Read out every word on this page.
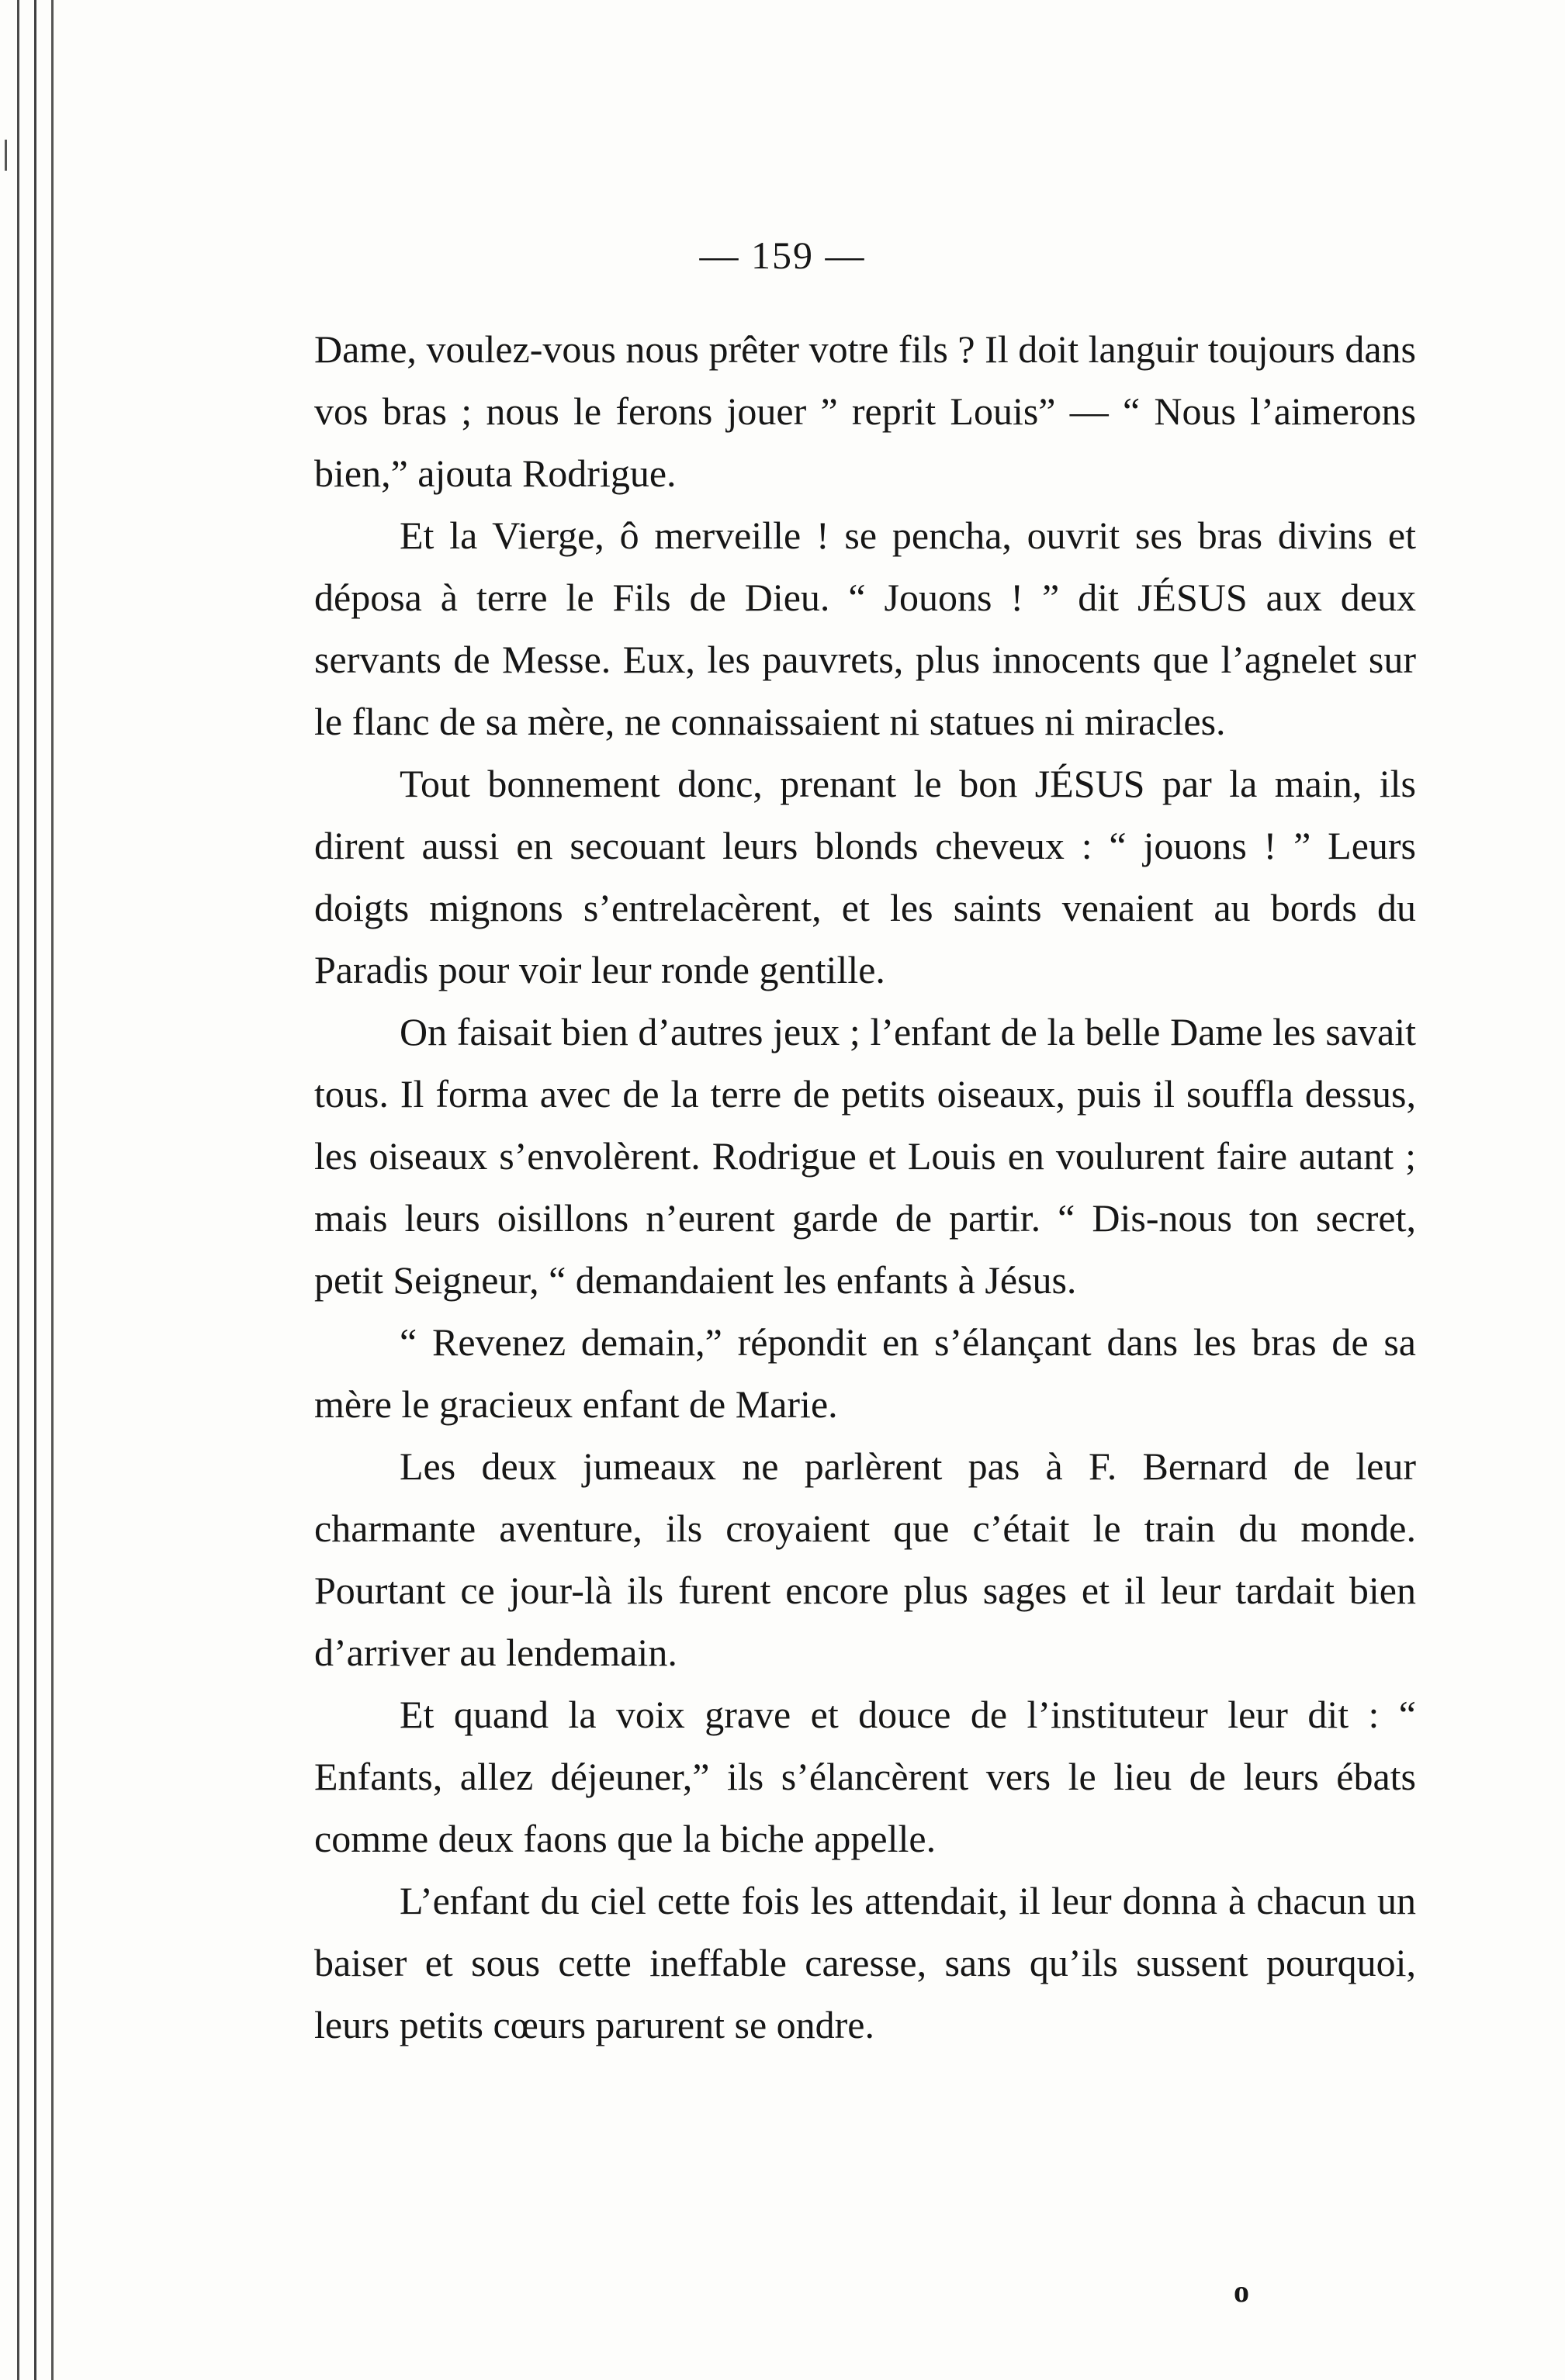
— 159 —

Dame, voulez-vous nous prêter votre fils ? Il doit languir toujours dans vos bras ; nous le ferons jouer ” reprit Louis” — “ Nous l’aimerons bien,” ajouta Rodrigue.

Et la Vierge, ô merveille ! se pencha, ouvrit ses bras divins et déposa à terre le Fils de Dieu. “ Jouons ! ” dit JÉSUS aux deux servants de Messe. Eux, les pauvrets, plus innocents que l’agnelet sur le flanc de sa mère, ne connaissaient ni statues ni miracles.

Tout bonnement donc, prenant le bon JÉSUS par la main, ils dirent aussi en secouant leurs blonds cheveux : “ jouons ! ” Leurs doigts mignons s’entrelacèrent, et les saints venaient au bords du Paradis pour voir leur ronde gentille.

On faisait bien d’autres jeux ; l’enfant de la belle Dame les savait tous. Il forma avec de la terre de petits oiseaux, puis il souffla dessus, les oiseaux s’envolèrent. Rodrigue et Louis en voulurent faire autant ; mais leurs oisillons n’eurent garde de partir. “ Dis-nous ton secret, petit Seigneur, “ demandaient les enfants à Jésus.

“ Revenez demain,” répondit en s’élançant dans les bras de sa mère le gracieux enfant de Marie.

Les deux jumeaux ne parlèrent pas à F. Bernard de leur charmante aventure, ils croyaient que c’était le train du monde. Pourtant ce jour-là ils furent encore plus sages et il leur tardait bien d’arriver au lendemain.

Et quand la voix grave et douce de l’instituteur leur dit : “ Enfants, allez déjeuner,” ils s’élancèrent vers le lieu de leurs ébats comme deux faons que la biche appelle.

L’enfant du ciel cette fois les attendait, il leur donna à chacun un baiser et sous cette ineffable caresse, sans qu’ils sussent pourquoi, leurs petits cœurs parurent se ondre.

o
